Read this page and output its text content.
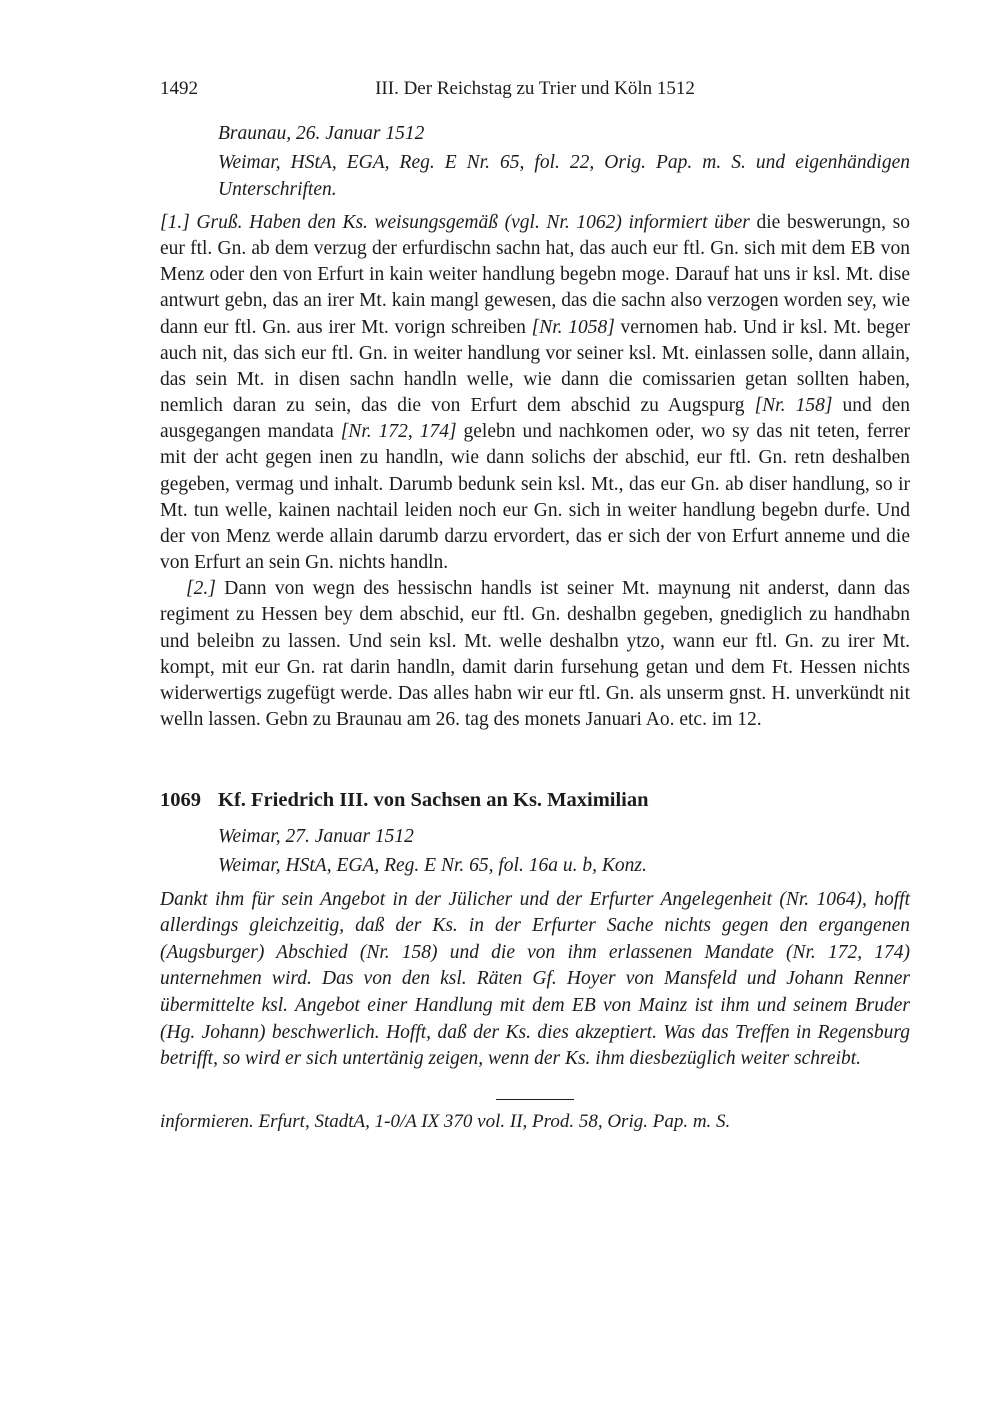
1492	III. Der Reichstag zu Trier und Köln 1512

Braunau, 26. Januar 1512

Weimar, HStA, EGA, Reg. E Nr. 65, fol. 22, Orig. Pap. m. S. und eigenhändigen Unterschriften.

[1.] Gruß. Haben den Ks. weisungsgemäß (vgl. Nr. 1062) informiert über die beswerungn, so eur ftl. Gn. ab dem verzug der erfurdischn sachn hat, das auch eur ftl. Gn. sich mit dem EB von Menz oder den von Erfurt in kain weiter handlung begebn moge. Darauf hat uns ir ksl. Mt. dise antwurt gebn, das an irer Mt. kain mangl gewesen, das die sachn also verzogen worden sey, wie dann eur ftl. Gn. aus irer Mt. vorign schreiben [Nr. 1058] vernomen hab. Und ir ksl. Mt. beger auch nit, das sich eur ftl. Gn. in weiter handlung vor seiner ksl. Mt. einlassen solle, dann allain, das sein Mt. in disen sachn handln welle, wie dann die comissarien getan sollten haben, nemlich daran zu sein, das die von Erfurt dem abschid zu Augspurg [Nr. 158] und den ausgegangen mandata [Nr. 172, 174] gelebn und nachkomen oder, wo sy das nit teten, ferrer mit der acht gegen inen zu handln, wie dann solichs der abschid, eur ftl. Gn. retn deshalben gegeben, vermag und inhalt. Darumb bedunk sein ksl. Mt., das eur Gn. ab diser handlung, so ir Mt. tun welle, kainen nachtail leiden noch eur Gn. sich in weiter handlung begebn durfe. Und der von Menz werde allain darumb darzu ervordert, das er sich der von Erfurt anneme und die von Erfurt an sein Gn. nichts handln.

[2.] Dann von wegn des hessischn handls ist seiner Mt. maynung nit anderst, dann das regiment zu Hessen bey dem abschid, eur ftl. Gn. deshalbn gegeben, gnediglich zu handhabn und beleibn zu lassen. Und sein ksl. Mt. welle deshalbn ytzo, wann eur ftl. Gn. zu irer Mt. kompt, mit eur Gn. rat darin handln, damit darin fursehung getan und dem Ft. Hessen nichts widerwertigs zugefügt werde. Das alles habn wir eur ftl. Gn. als unserm gnst. H. unverkündt nit welln lassen. Gebn zu Braunau am 26. tag des monets Januari Ao. etc. im 12.

1069 Kf. Friedrich III. von Sachsen an Ks. Maximilian

Weimar, 27. Januar 1512

Weimar, HStA, EGA, Reg. E Nr. 65, fol. 16a u. b, Konz.

Dankt ihm für sein Angebot in der Jülicher und der Erfurter Angelegenheit (Nr. 1064), hofft allerdings gleichzeitig, daß der Ks. in der Erfurter Sache nichts gegen den ergangenen (Augsburger) Abschied (Nr. 158) und die von ihm erlassenen Mandate (Nr. 172, 174) unternehmen wird. Das von den ksl. Räten Gf. Hoyer von Mansfeld und Johann Renner übermittelte ksl. Angebot einer Handlung mit dem EB von Mainz ist ihm und seinem Bruder (Hg. Johann) beschwerlich. Hofft, daß der Ks. dies akzeptiert. Was das Treffen in Regensburg betrifft, so wird er sich untertänig zeigen, wenn der Ks. ihm diesbezüglich weiter schreibt.

informieren. Erfurt, StadtA, 1-0/A IX 370 vol. II, Prod. 58, Orig. Pap. m. S.
